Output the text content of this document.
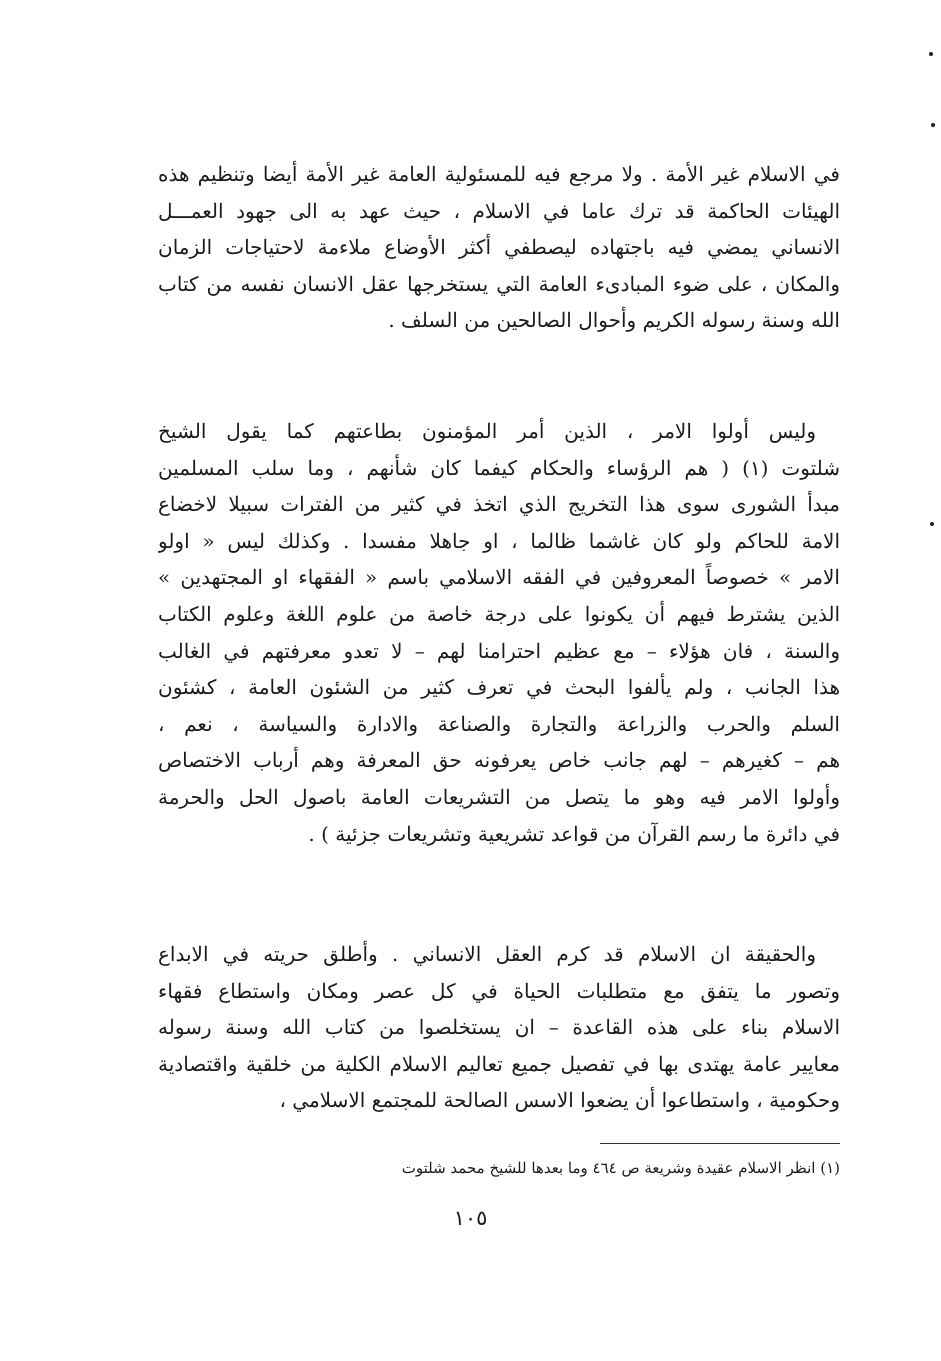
في الاسلام غير الأمة . ولا مرجع فيه للمسئولية العامة غير الأمة أيضا وتنظيم هذه
الهيئات الحاكمة قد ترك عاما في الاسلام ، حيث عهد به الى جهود العمـــل
الانساني يمضي فيه باجتهاده ليصطفي أكثر الأوضاع ملاءمة لاحتياجات الزمان
والمكان ، على ضوء المبادىء العامة التي يستخرجها عقل الانسان نفسه من كتاب
الله وسنة رسوله الكريم وأحوال الصالحين من السلف .
وليس أولوا الامر ، الذين أمر المؤمنون بطاعتهم كما يقول الشيخ
شلتوت (١) ( هم الرؤساء والحكام كيفما كان شأنهم ، وما سلب المسلمين
مبدأ الشورى سوى هذا التخريج الذي اتخذ في كثير من الفترات سبيلا لاخضاع
الامة للحاكم ولو كان غاشما ظالما ، او جاهلا مفسدا . وكذلك ليس « اولو
الامر » خصوصاً المعروفين في الفقه الاسلامي باسم « الفقهاء او المجتهدين »
الذين يشترط فيهم أن يكونوا على درجة خاصة من علوم اللغة وعلوم الكتاب
والسنة ، فان هؤلاء – مع عظيم احترامنا لهم – لا تعدو معرفتهم في الغالب
هذا الجانب ، ولم يألفوا البحث في تعرف كثير من الشئون العامة ، كشئون
السلم والحرب والزراعة والتجارة والصناعة والادارة والسياسة ، نعم ،
هم – كغيرهم – لهم جانب خاص يعرفونه حق المعرفة وهم أرباب الاختصاص
وأولوا الامر فيه وهو ما يتصل من التشريعات العامة باصول الحل والحرمة
في دائرة ما رسم القرآن من قواعد تشريعية وتشريعات جزئية ) .
والحقيقة ان الاسلام قد كرم العقل الانساني . وأطلق حريته في الابداع
وتصور ما يتفق مع متطلبات الحياة في كل عصر ومكان واستطاع فقهاء
الاسلام بناء على هذه القاعدة – ان يستخلصوا من كتاب الله وسنة رسوله
معايير عامة يهتدى بها في تفصيل جميع تعاليم الاسلام الكلية من خلقية واقتصادية
وحكومية ، واستطاعوا أن يضعوا الاسس الصالحة للمجتمع الاسلامي ،
(١) انظر الاسلام عقيدة وشريعة ص ٤٦٤ وما بعدها للشيخ محمد شلتوت
١٠٥
